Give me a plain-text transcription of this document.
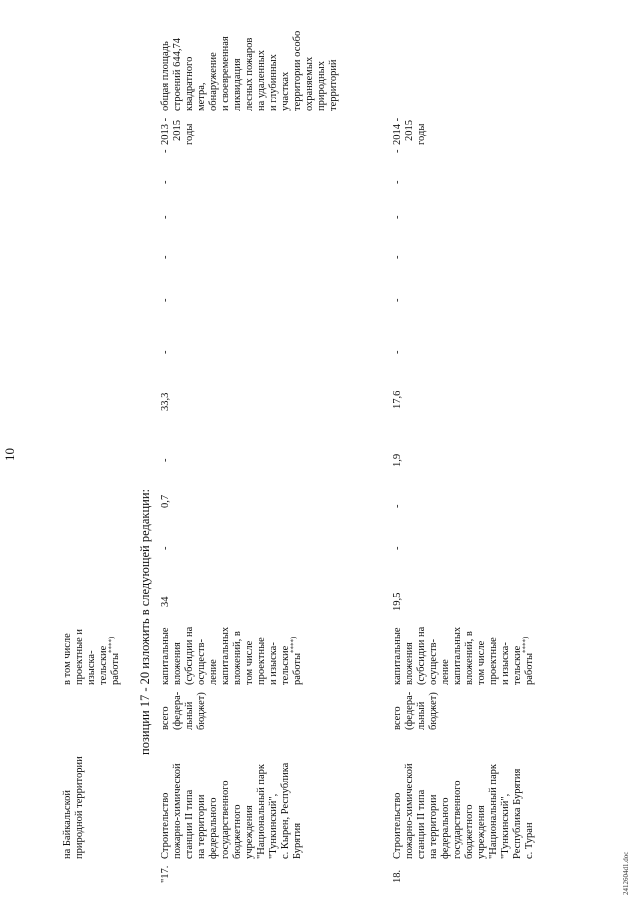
10
на Байкальской природной территории
в том числе проектные и изыска- тельские работы****)	позиции 17 - 20 изложить в следующей редакции:
"17.
Строительство пожарно-химической станции II типа на территории федерального государственного бюджетного учреждения "Национальный парк "Тункинский", с. Кырен, Республика Бурятия
всего (федера- льный бюджет)
капитальные вложения (субсидии на осуществ- ление капитальных вложений, в том числе проектные и изыска- тельские работы****)
34
-
0,7
-
33,3
-
-
-
-
-
-
2013 - 2015 годы
общая площадь строений 644,74 квадратного метра, обнаружение и своевременная ликвидация лесных пожаров на удаленных и глубинных участках территории особо охраняемых природных территорий
18.
Строительство пожарно-химической станции II типа на территории федерального государственного бюджетного учреждения "Национальный парк "Тункинский", Республика Бурятия с. Туран
всего (федера- льный бюджет)
капитальные вложения (субсидии на осуществ- ление капитальных вложений, в том числе проектные и изыска- тельские работы****)
19,5
-
-
1,9
17,6
-
-
-
-
-
-
2014 - 2015 годы
2412604d1.doc
